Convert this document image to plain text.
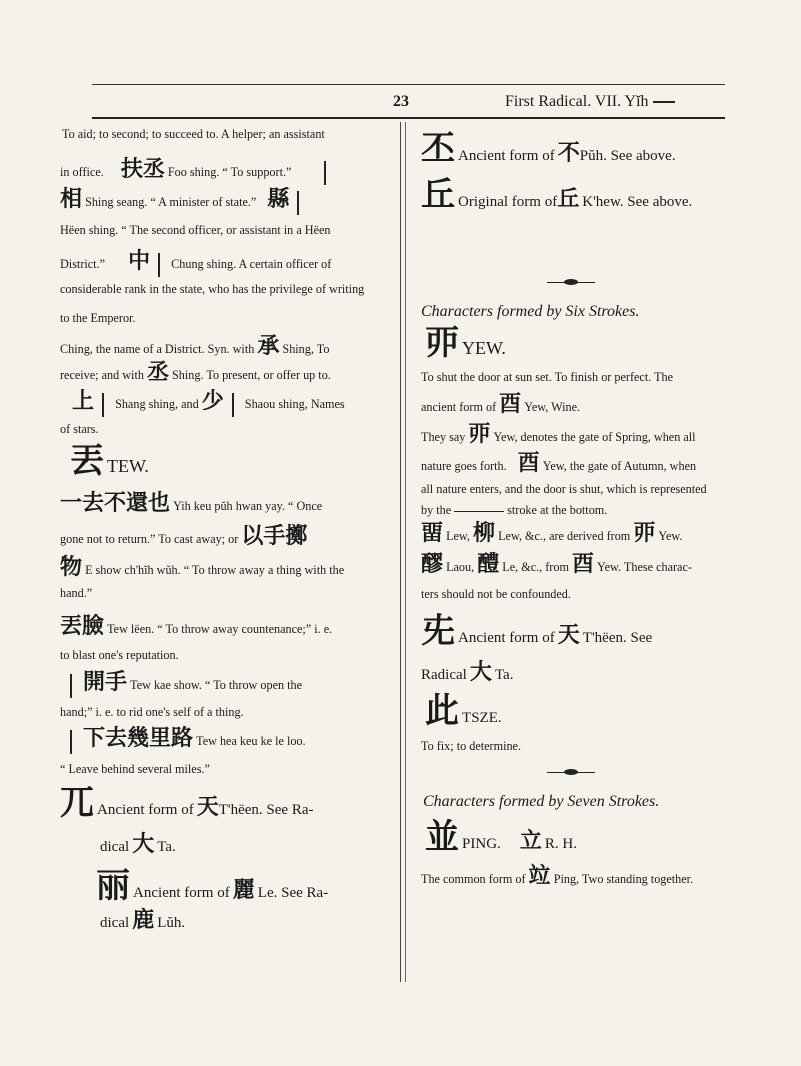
23	First Radical. VII. Yĭh
To aid; to second; to succeed to. A helper; an assistant
in office. 扶丞 Foo shing. “ To support.”
相 Shing seang. “ A minister of state.” 縣
Hëen shing. “ The second officer, or assistant in a Hëen
District.” 中 Chung shing. A certain officer of
considerable rank in the state, who has the privilege of writing
to the Emperor.
Ching, the name of a District. Syn. with 承 Shing, To
receive; and with 丞 Shing. To present, or offer up to.
上 Shang shing, and 少 Shaou shing, Names
of stars.
丟 TEW.
一去不還也 Yih keu pŭh hwan yay. “ Once
gone not to return.” To cast away; or 以手擲
物 E show ch'hĭh wŭh. “ To throw away a thing with the
hand.”
丟臉 Tew lëen. “ To throw away countenance;” i. e.
to blast one's reputation.
開手 Tew kae show. “ To throw open the
hand;” i. e. to rid one's self of a thing.
下去幾里路 Tew hea keu ke le loo.
“ Leave behind several miles.”
兀 Ancient form of 天T'hëen. See Ra-
dical 大 Ta.
丽 Ancient form of 麗 Le. See Ra-
dical 鹿 Lŭh.
丕 Ancient form of 不Pŭh. See above.
丘 Original form of丘 K'hew. See above.
Characters formed by Six Strokes.
丣 YEW.
To shut the door at sun set. To finish or perfect. The
ancient form of 酉 Yew, Wine.
They say 丣 Yew, denotes the gate of Spring, when all
nature goes forth. 酉 Yew, the gate of Autumn, when
all nature enters, and the door is shut, which is represented
by the	stroke at the bottom.
畱 Lew, 柳 Lew, &c., are derived from 丣 Yew.
醪 Laou, 醴 Le, &c., from 酉 Yew. These charac-
ters should not be confounded.
兂 Ancient form of 天 T'hëen. See
Radical 大 Ta.
此 TSZE.
To fix; to determine.
Characters formed by Seven Strokes.
並 PING. 立 R. H.
The common form of 竝 Ping, Two standing together.
